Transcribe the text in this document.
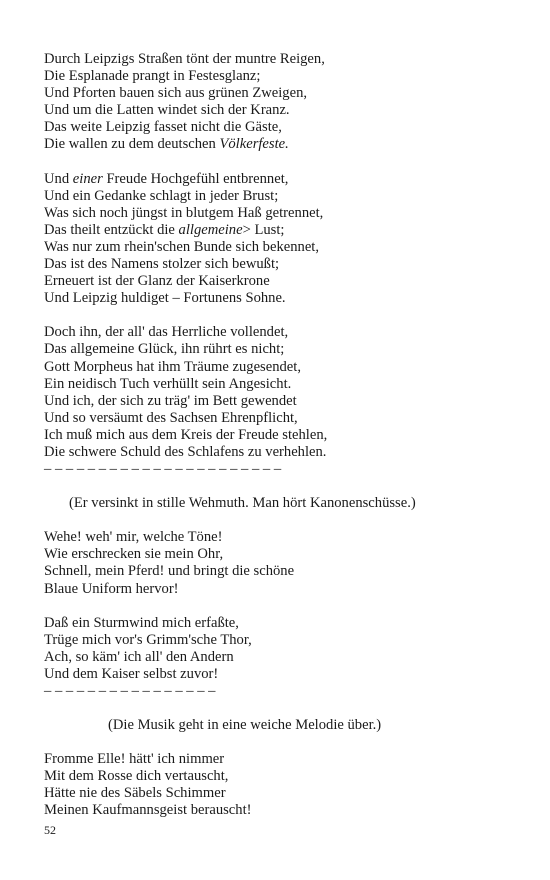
Durch Leipzigs Straßen tönt der muntre Reigen,
Die Esplanade prangt in Festesglanz;
Und Pforten bauen sich aus grünen Zweigen,
Und um die Latten windet sich der Kranz.
Das weite Leipzig fasset nicht die Gäste,
Die wallen zu dem deutschen Völkerfeste.
Und einer Freude Hochgefühl entbrennet,
Und ein Gedanke schlagt in jeder Brust;
Was sich noch jüngst in blutgem Haß getrennet,
Das theilt entzückt die allgemeine> Lust;
Was nur zum rhein'schen Bunde sich bekennet,
Das ist des Namens stolzer sich bewußt;
Erneuert ist der Glanz der Kaiserkrone
Und Leipzig huldiget – Fortunens Sohne.
Doch ihn, der all' das Herrliche vollendet,
Das allgemeine Glück, ihn rührt es nicht;
Gott Morpheus hat ihm Träume zugesendet,
Ein neidisch Tuch verhüllt sein Angesicht.
Und ich, der sich zu träg' im Bett gewendet
Und so versäumt des Sachsen Ehrenpflicht,
Ich muß mich aus dem Kreis der Freude stehlen,
Die schwere Schuld des Schlafens zu verhehlen.
– – – – – – – – – – – – – – – – – – – – – –
(Er versinkt in stille Wehmuth. Man hört Kanonenschüsse.)
Wehe! weh' mir, welche Töne!
Wie erschrecken sie mein Ohr,
Schnell, mein Pferd! und bringt die schöne
Blaue Uniform hervor!
Daß ein Sturmwind mich erfaßte,
Trüge mich vor's Grimm'sche Thor,
Ach, so käm' ich all' den Andern
Und dem Kaiser selbst zuvor!
– – – – – – – – – – – – – – – –
(Die Musik geht in eine weiche Melodie über.)
Fromme Elle! hätt' ich nimmer
Mit dem Rosse dich vertauscht,
Hätte nie des Säbels Schimmer
Meinen Kaufmannsgeist berauscht!
52
